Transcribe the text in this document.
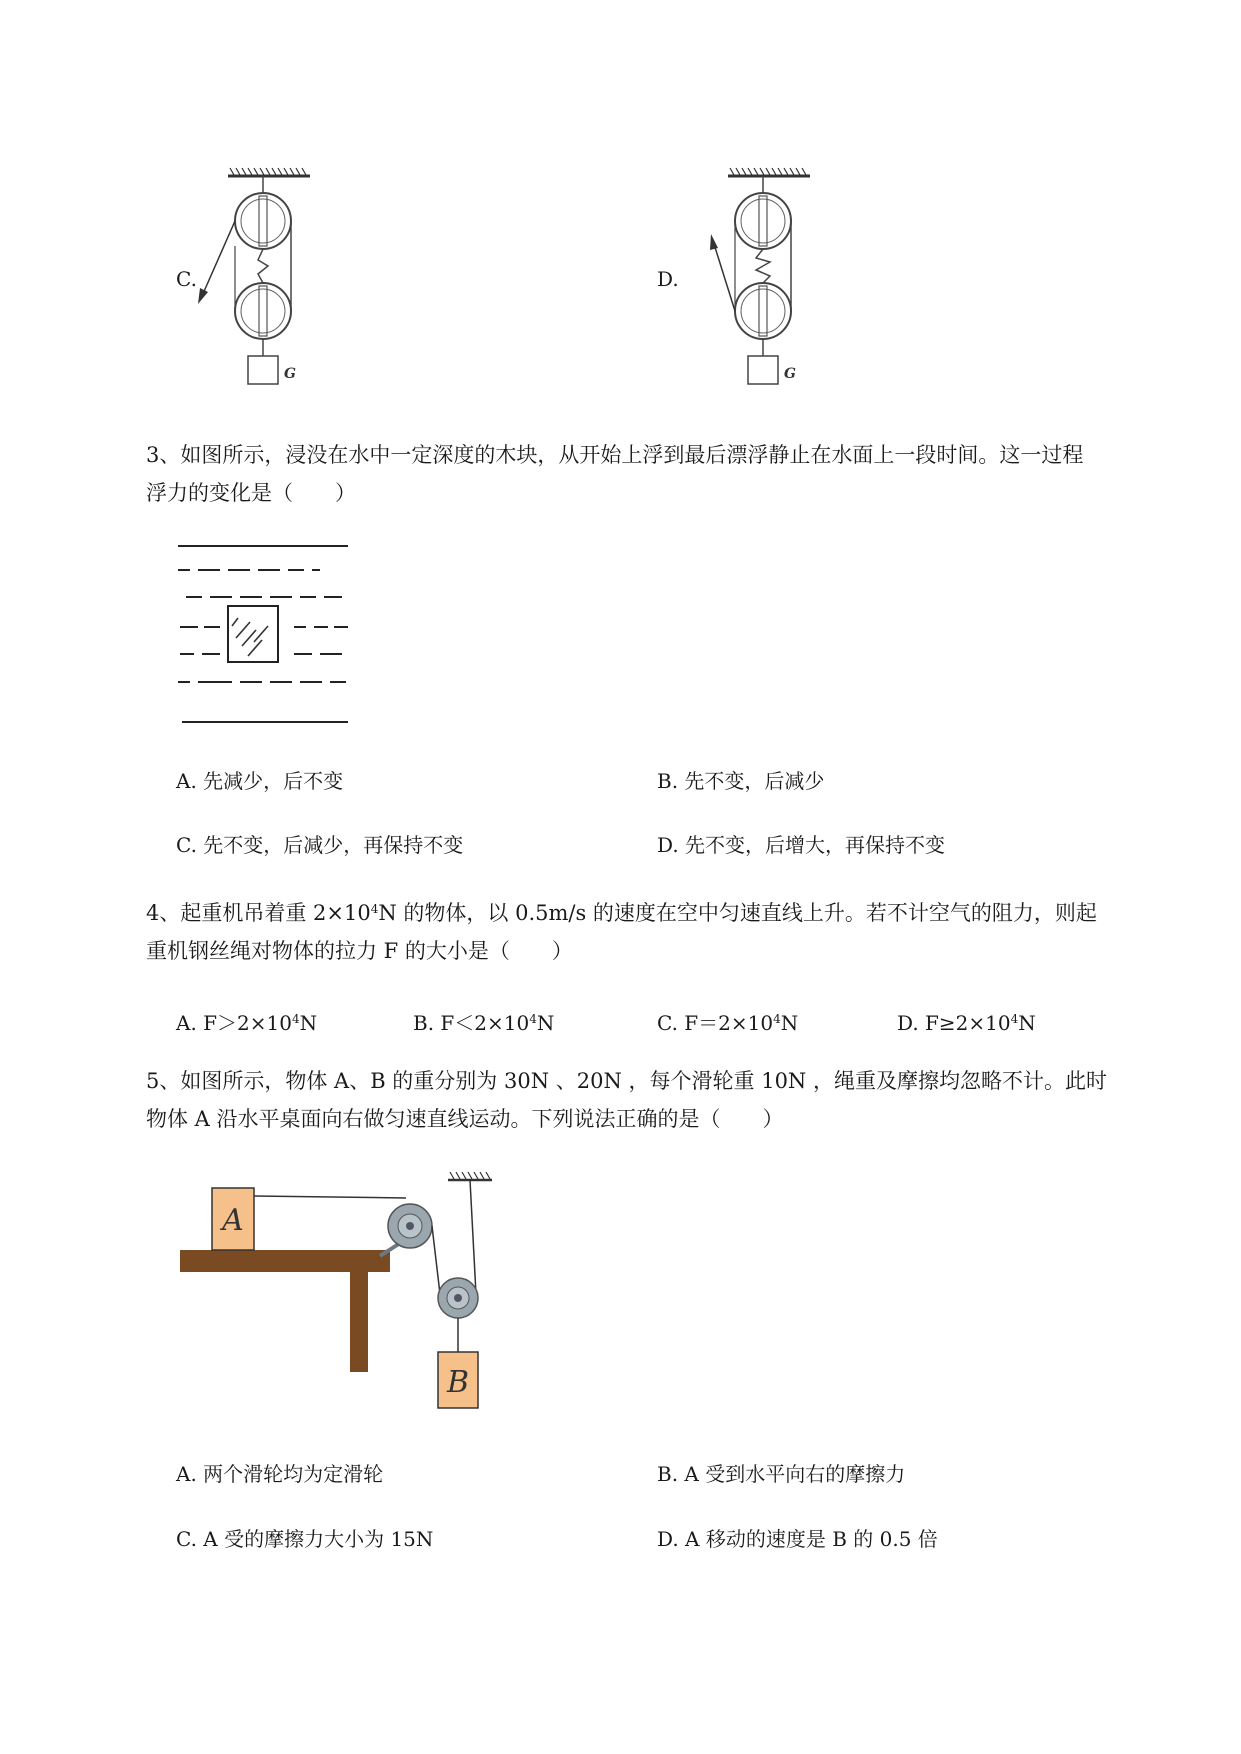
C.
G
D.
G
3、如图所示，浸没在水中一定深度的木块，从开始上浮到最后漂浮静止在水面上一段时间。这一过程
浮力的变化是（　　）
A. 先减少，后不变	B. 先不变，后减少
C. 先不变，后减少，再保持不变	D. 先不变，后增大，再保持不变
4、起重机吊着重 $2\times 10^4N$ 的物体，以 0.5m/s 的速度在空中匀速直线上升。若不计空气的阻力，则起
重机钢丝绳对物体的拉力 F 的大小是（　　）
A. $F>2\times 10^4N$	B. $F<2\times 10^4N$	C. $F=2\times 10^4N$	D. $F\ge 2\times 10^4N$
5、如图所示，物体 A、B 的重分别为 30N 、20N ，每个滑轮重 10N ，绳重及摩擦均忽略不计。此时
物体 A 沿水平桌面向右做匀速直线运动。下列说法正确的是（　　）
A
B
A. 两个滑轮均为定滑轮	B. A 受到水平向右的摩擦力
C. A 受的摩擦力大小为 15N	D. A 移动的速度是 B 的 0.5 倍
